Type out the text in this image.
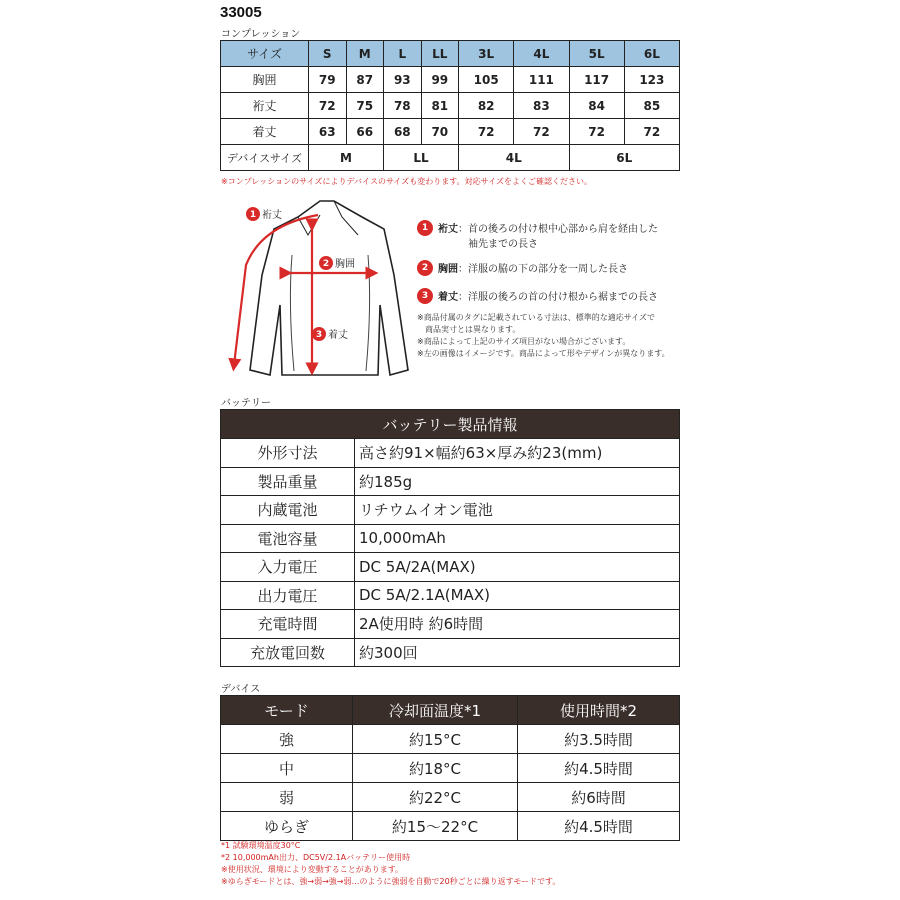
33005
コンプレッション
サイズ	S	M	L	LL	3L	4L	5L	6L
胸囲	79	87	93	99	105	111	117	123
裄丈	72	75	78	81	82	83	84	85
着丈	63	66	68	70	72	72	72	72
デバイスサイズ	M		LL		4L		6L	
※コンプレッションのサイズによりデバイスのサイズも変わります。対応サイズをよくご確認ください。
1 裄丈
2 胸囲
3 着丈
1 裄丈：首の後ろの付け根中心部から肩を経由した
袖先までの長さ
2 胸囲：洋服の脇の下の部分を一周した長さ
3 着丈：洋服の後ろの首の付け根から裾までの長さ
※商品付属のタグに記載されている寸法は、標準的な適応サイズで
　商品実寸とは異なります。
※商品によって上記のサイズ項目がない場合がございます。
※左の画像はイメージです。商品によって形やデザインが異なります。
バッテリー
バッテリー製品情報	
外形寸法	高さ約91×幅約63×厚み約23(mm)
製品重量	約185g
内蔵電池	リチウムイオン電池
電池容量	10,000mAh
入力電圧	DC 5A/2A(MAX)
出力電圧	DC 5A/2.1A(MAX)
充電時間	2A使用時 約6時間
充放電回数	約300回
デバイス
モード	冷却面温度*1	使用時間*2
強	約15°C	約3.5時間
中	約18°C	約4.5時間
弱	約22°C	約6時間
ゆらぎ	約15〜22°C	約4.5時間
*1 試験環境温度30°C
*2 10,000mAh出力、DC5V/2.1Aバッテリー使用時
※使用状況、環境により変動することがあります。
※ゆらぎモードとは、強→弱→強→弱…のように強弱を自動で20秒ごとに繰り返すモードです。
